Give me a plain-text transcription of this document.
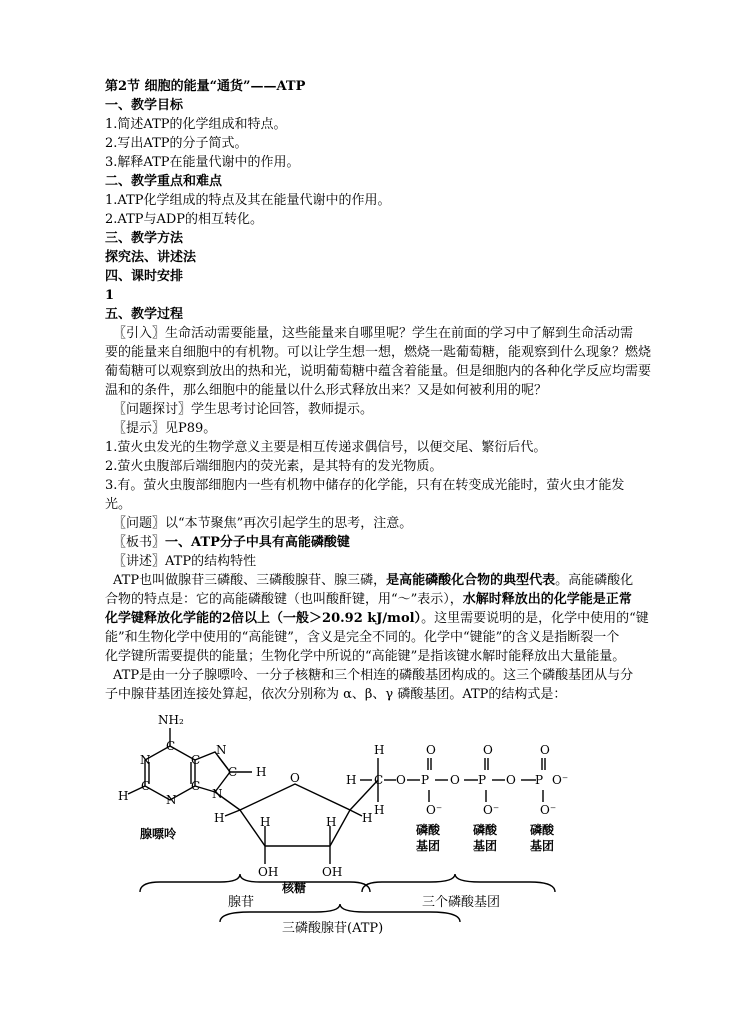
第2节 细胞的能量“通货”——ATP
一、教学目标
1.简述ATP的化学组成和特点。
2.写出ATP的分子简式。
3.解释ATP在能量代谢中的作用。
二、教学重点和难点
1.ATP化学组成的特点及其在能量代谢中的作用。
2.ATP与ADP的相互转化。
三、教学方法
探究法、讲述法
四、课时安排
1
五、教学过程
〖引入〗生命活动需要能量，这些能量来自哪里呢？学生在前面的学习中了解到生命活动需
要的能量来自细胞中的有机物。可以让学生想一想，燃烧一匙葡萄糖，能观察到什么现象？燃烧
葡萄糖可以观察到放出的热和光，说明葡萄糖中蕴含着能量。但是细胞内的各种化学反应均需要
温和的条件，那么细胞中的能量以什么形式释放出来？又是如何被利用的呢？
〖问题探讨〗学生思考讨论回答，教师提示。
〖提示〗见P89。
1.萤火虫发光的生物学意义主要是相互传递求偶信号，以便交尾、繁衍后代。
2.萤火虫腹部后端细胞内的荧光素，是其特有的发光物质。
3.有。萤火虫腹部细胞内一些有机物中储存的化学能，只有在转变成光能时，萤火虫才能发
光。
〖问题〗以“本节聚焦”再次引起学生的思考，注意。
〖板书〗一、ATP分子中具有高能磷酸键
〖讲述〗ATP的结构特性
ATP也叫做腺苷三磷酸、三磷酸腺苷、腺三磷，是高能磷酸化合物的典型代表。高能磷酸化
合物的特点是：它的高能磷酸键（也叫酸酐键，用“～”表示），水解时释放出的化学能是正常
化学键释放化学能的2倍以上（一般＞20.92 kJ/mol）。这里需要说明的是，化学中使用的“键
能”和生物化学中使用的“高能键”，含义是完全不同的。化学中“键能”的含义是指断裂一个
化学键所需要提供的能量；生物化学中所说的“高能键”是指该键水解时能释放出大量能量。
ATP是由一分子腺嘌呤、一分子核糖和三个相连的磷酸基团构成的。这三个磷酸基团从与分
子中腺苷基团连接处算起，依次分别称为 α、β、γ 磷酸基团。ATP的结构式是：
NH₂
N
C
C
C	C
N
N
C H
H	N
O
H	H
H	H
OH	OH
H
H
H
C O P
O
O⁻
O P
O
O⁻
O P
O
O⁻
O⁻
腺嘌呤
核糖
磷酸
基团
磷酸
基团
磷酸
基团
腺苷	三个磷酸基团
三磷酸腺苷(ATP)
